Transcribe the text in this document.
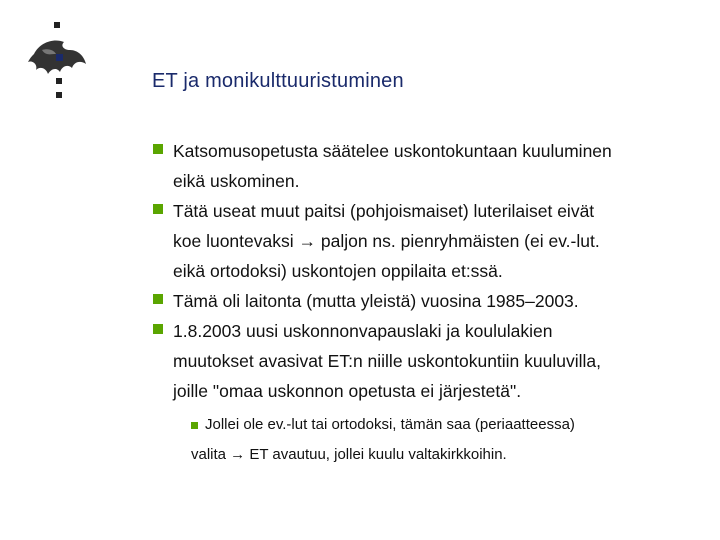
ET ja monikulttuuristuminen

Katsomusopetusta säätelee uskontokuntaan kuuluminen

eikä uskominen.

Tätä useat muut paitsi (pohjoismaiset) luterilaiset eivät

koe luontevaksi → paljon ns. pienryhmäisten (ei ev.-lut.

eikä ortodoksi) uskontojen oppilaita et:ssä.

Tämä oli laitonta (mutta yleistä) vuosina 1985–2003.

1.8.2003 uusi uskonnonvapauslaki ja koululakien

muutokset avasivat ET:n niille uskontokuntiin kuuluvilla,

joille "omaa uskonnon opetusta ei järjestetä".

Jollei ole ev.-lut tai ortodoksi, tämän saa (periaatteessa)

valita → ET avautuu, jollei kuulu valtakirkkoihin.
